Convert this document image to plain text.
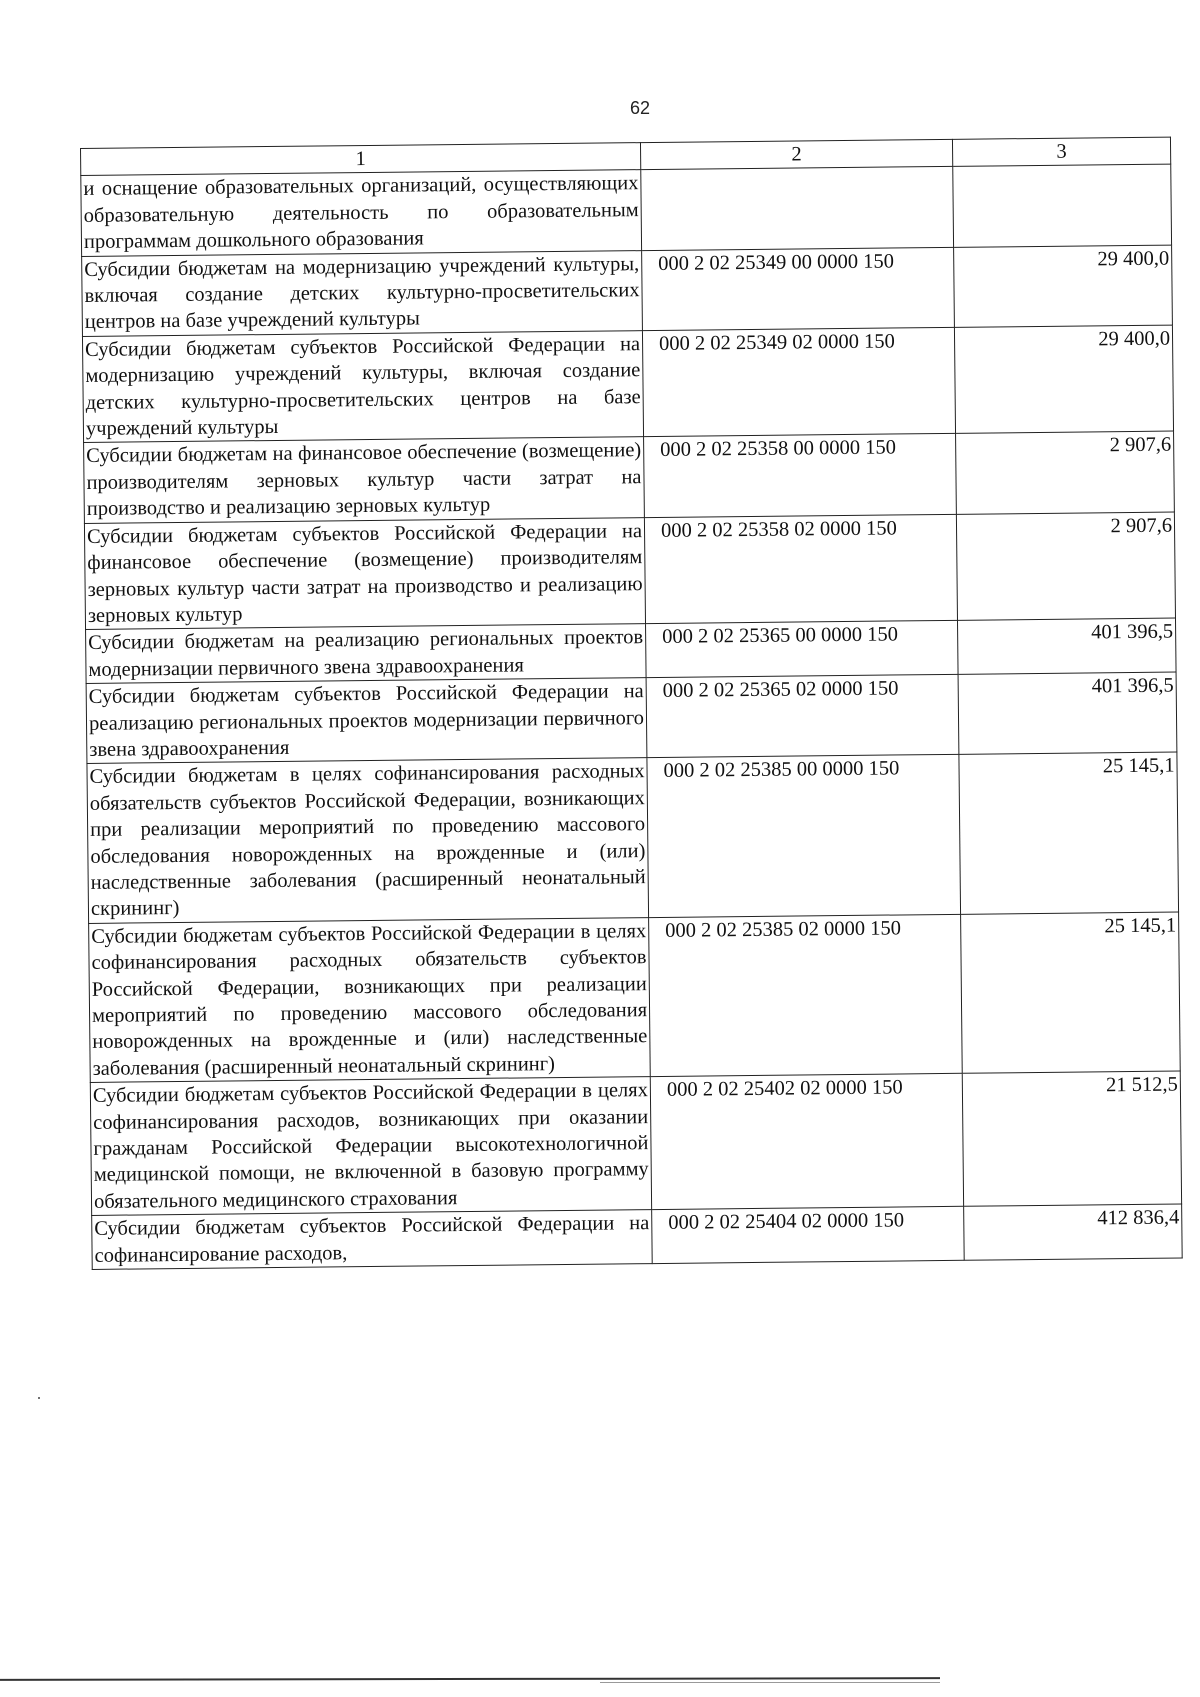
62
1	2	3
и оснащение образовательных организаций, осуществляющих образовательную деятельность по образовательным программам дошкольного образования		
Субсидии бюджетам на модернизацию учреждений культуры, включая создание детских культурно-просветительских центров на базе учреждений культуры	000 2 02 25349 00 0000 150	29 400,0
Субсидии бюджетам субъектов Российской Федерации на модернизацию учреждений культуры, включая создание детских культурно-просветительских центров на базе учреждений культуры	000 2 02 25349 02 0000 150	29 400,0
Субсидии бюджетам на финансовое обеспечение (возмещение) производителям зерновых культур части затрат на производство и реализацию зерновых культур	000 2 02 25358 00 0000 150	2 907,6
Субсидии бюджетам субъектов Российской Федерации на финансовое обеспечение (возмещение) производителям зерновых культур части затрат на производство и реализацию зерновых культур	000 2 02 25358 02 0000 150	2 907,6
Субсидии бюджетам на реализацию региональных проектов модернизации первичного звена здравоохранения	000 2 02 25365 00 0000 150	401 396,5
Субсидии бюджетам субъектов Российской Федерации на реализацию региональных проектов модернизации первичного звена здравоохранения	000 2 02 25365 02 0000 150	401 396,5
Субсидии бюджетам в целях софинансирования расходных обязательств субъектов Российской Федерации, возникающих при реализации мероприятий по проведению массового обследования новорожденных на врожденные и (или) наследственные заболевания (расширенный неонатальный скрининг)	000 2 02 25385 00 0000 150	25 145,1
Субсидии бюджетам субъектов Российской Федерации в целях софинансирования расходных обязательств субъектов Российской Федерации, возникающих при реализации мероприятий по проведению массового обследования новорожденных на врожденные и (или) наследственные заболевания (расширенный неонатальный скрининг)	000 2 02 25385 02 0000 150	25 145,1
Субсидии бюджетам субъектов Российской Федерации в целях софинансирования расходов, возникающих при оказании гражданам Российской Федерации высокотехнологичной медицинской помощи, не включенной в базовую программу обязательного медицинского страхования	000 2 02 25402 02 0000 150	21 512,5
Субсидии бюджетам субъектов Российской Федерации на софинансирование расходов,	000 2 02 25404 02 0000 150	412 836,4
